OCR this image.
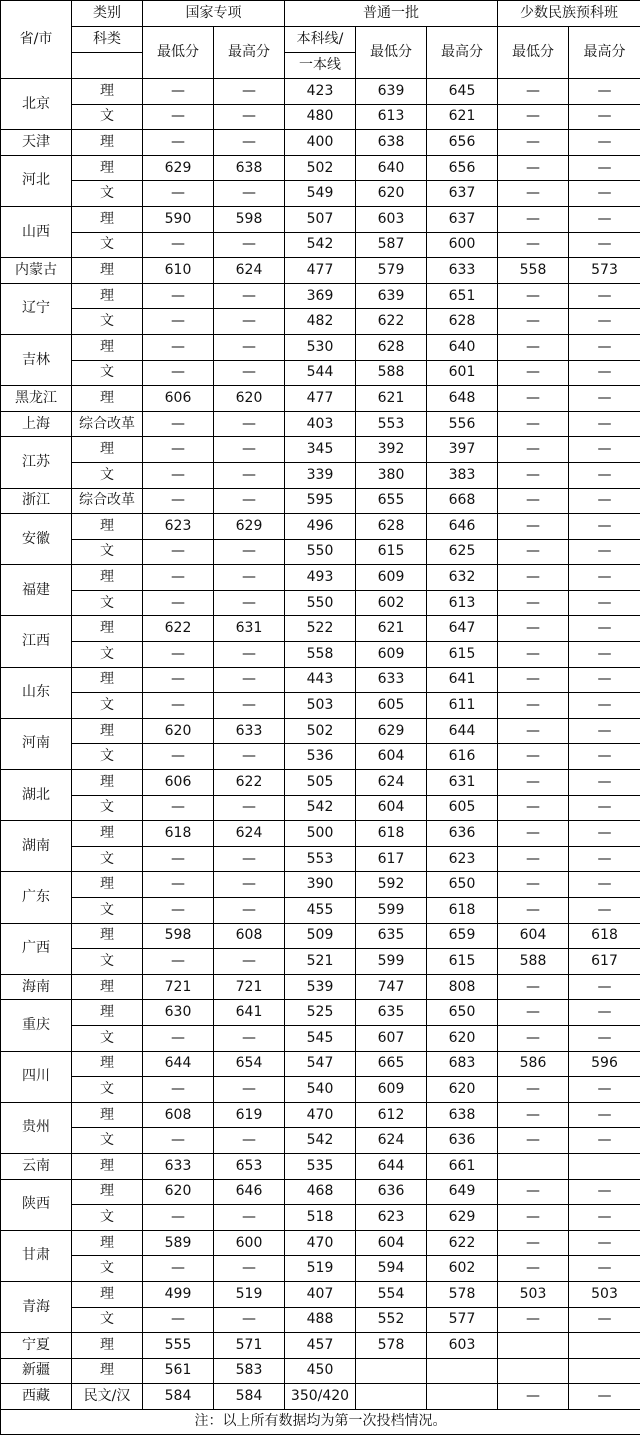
省/市	类别	国家专项		普通一批			少数民族预科班	
	科类	最低分	最高分	本科线/	最低分	最高分	最低分	最高分
				一本线				
北京	理	—	—	423	639	645	—	—
	文	—	—	480	613	621	—	—
天津	理	—	—	400	638	656	—	—
河北	理	629	638	502	640	656	—	—
	文	—	—	549	620	637	—	—
山西	理	590	598	507	603	637	—	—
	文	—	—	542	587	600	—	—
内蒙古	理	610	624	477	579	633	558	573
辽宁	理	—	—	369	639	651	—	—
	文	—	—	482	622	628	—	—
吉林	理	—	—	530	628	640	—	—
	文	—	—	544	588	601	—	—
黑龙江	理	606	620	477	621	648	—	—
上海	综合改革	—	—	403	553	556	—	—
江苏	理	—	—	345	392	397	—	—
	文	—	—	339	380	383	—	—
浙江	综合改革	—	—	595	655	668	—	—
安徽	理	623	629	496	628	646	—	—
	文	—	—	550	615	625	—	—
福建	理	—	—	493	609	632	—	—
	文	—	—	550	602	613	—	—
江西	理	622	631	522	621	647	—	—
	文	—	—	558	609	615	—	—
山东	理	—	—	443	633	641	—	—
	文	—	—	503	605	611	—	—
河南	理	620	633	502	629	644	—	—
	文	—	—	536	604	616	—	—
湖北	理	606	622	505	624	631	—	—
	文	—	—	542	604	605	—	—
湖南	理	618	624	500	618	636	—	—
	文	—	—	553	617	623	—	—
广东	理	—	—	390	592	650	—	—
	文	—	—	455	599	618	—	—
广西	理	598	608	509	635	659	604	618
	文	—	—	521	599	615	588	617
海南	理	721	721	539	747	808	—	—
重庆	理	630	641	525	635	650	—	—
	文	—	—	545	607	620	—	—
四川	理	644	654	547	665	683	586	596
	文	—	—	540	609	620	—	—
贵州	理	608	619	470	612	638	—	—
	文	—	—	542	624	636	—	—
云南	理	633	653	535	644	661		
陕西	理	620	646	468	636	649	—	—
	文	—	—	518	623	629	—	—
甘肃	理	589	600	470	604	622	—	—
	文	—	—	519	594	602	—	—
青海	理	499	519	407	554	578	503	503
	文	—	—	488	552	577	—	—
宁夏	理	555	571	457	578	603		
新疆	理	561	583	450				
西藏	民文/汉	584	584	350/420			—	—
注：以上所有数据均为第一次投档情况。								
